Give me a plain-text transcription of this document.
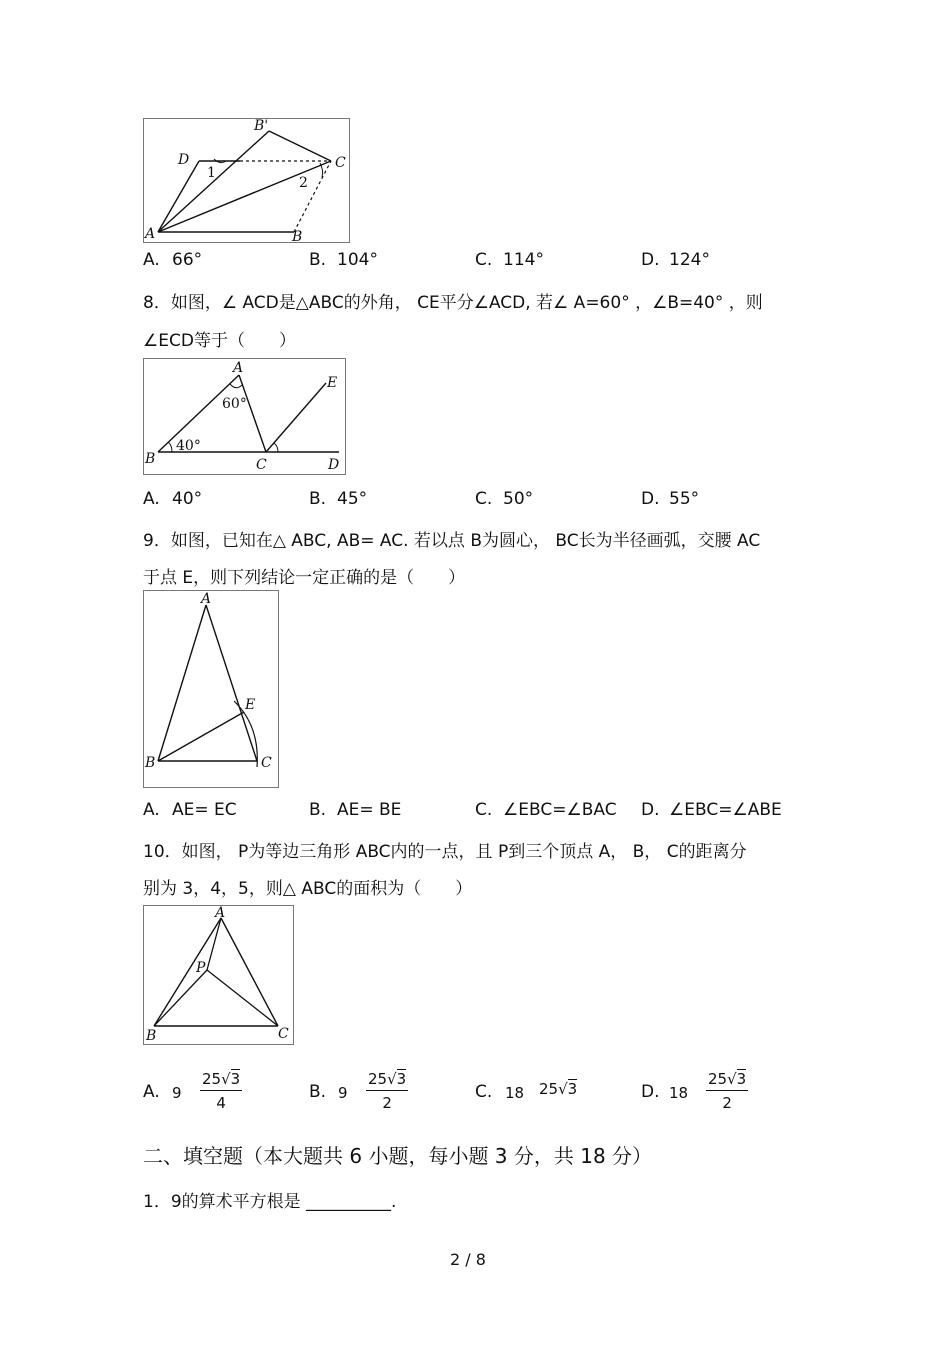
B'
D	C
1
2
A	B
A. 66°	B. 104°	C. 114°	D. 124°
8．如图，∠ ACD是△ABC的外角， CE平分∠ACD, 若∠ A=60° ，∠B=40° ，则
∠ECD等于（　　）
A
60°
E
B
40°
C	D
A. 40°	B. 45°	C. 50°	D. 55°
9．如图，已知在△ ABC, AB= AC. 若以点 B为圆心， BC长为半径画弧，交腰 AC
于点 E，则下列结论一定正确的是（　　）
A
E
B	C
A. AE= EC	B. AE= BE	C. ∠EBC=∠BAC D. ∠EBC=∠ABE
10．如图， P为等边三角形 ABC内的一点，且 P到三个顶点 A， B， C的距离分
别为 3，4，5，则△ ABC的面积为（　　）
A
P
B	C
A. $9 \frac{25√3}{4}$	B. $9 \frac{25√3}{2}$	C. 18 25√3	D. $18 \frac{25√3}{2}$
二、填空题（本大题共 6 小题，每小题 3 分，共 18 分）
1．9的算术平方根是 __________.
2 / 8
